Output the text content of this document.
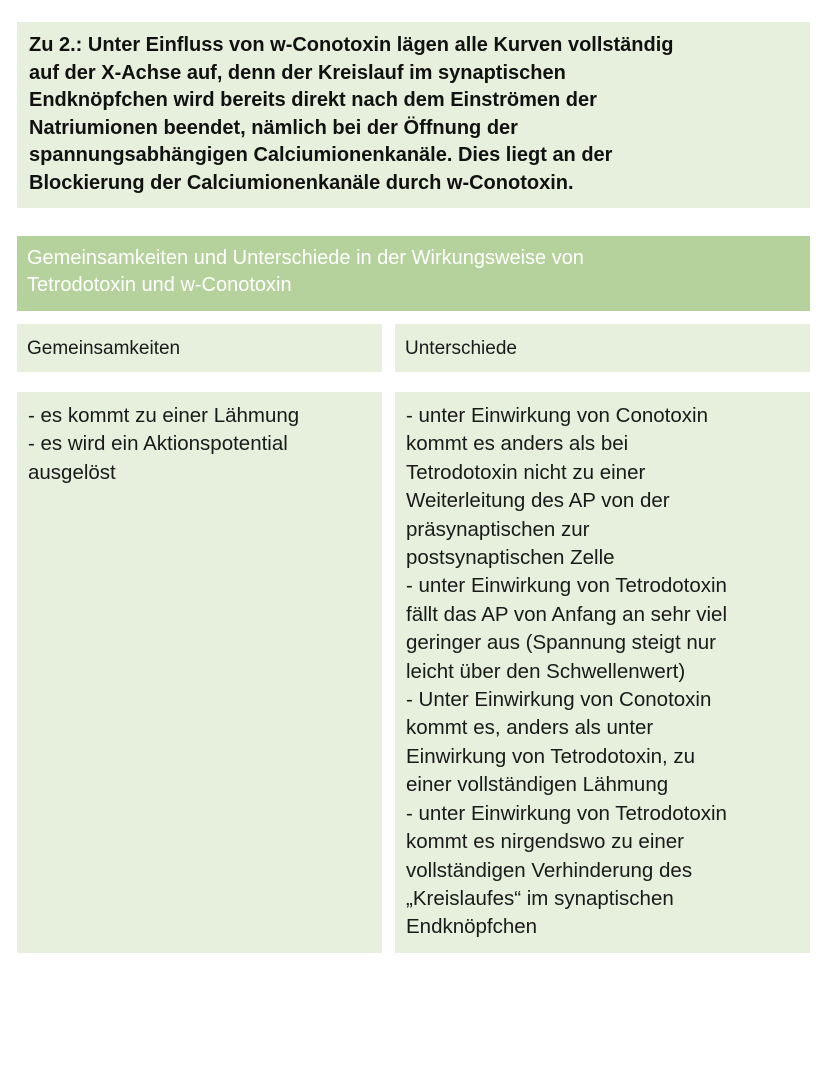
Zu 2.: Unter Einfluss von w-Conotoxin lägen alle Kurven vollständig
auf der X-Achse auf, denn der Kreislauf im synaptischen
Endknöpfchen wird bereits direkt nach dem Einströmen der
Natriumionen beendet, nämlich bei der Öffnung der
spannungsabhängigen Calciumionenkanäle. Dies liegt an der
Blockierung der Calciumionenkanäle durch w-Conotoxin.

Gemeinsamkeiten und Unterschiede in der Wirkungsweise von
Tetrodotoxin und w-Conotoxin
Gemeinsamkeiten	Unterschiede
- es kommt zu einer Lähmung
- es wird ein Aktionspotential
ausgelöst
- unter Einwirkung von Conotoxin
kommt es anders als bei
Tetrodotoxin nicht zu einer
Weiterleitung des AP von der
präsynaptischen zur
postsynaptischen Zelle
- unter Einwirkung von Tetrodotoxin
fällt das AP von Anfang an sehr viel
geringer aus (Spannung steigt nur
leicht über den Schwellenwert)
- Unter Einwirkung von Conotoxin
kommt es, anders als unter
Einwirkung von Tetrodotoxin, zu
einer vollständigen Lähmung
- unter Einwirkung von Tetrodotoxin
kommt es nirgendswo zu einer
vollständigen Verhinderung des
„Kreislaufes“ im synaptischen
Endknöpfchen
